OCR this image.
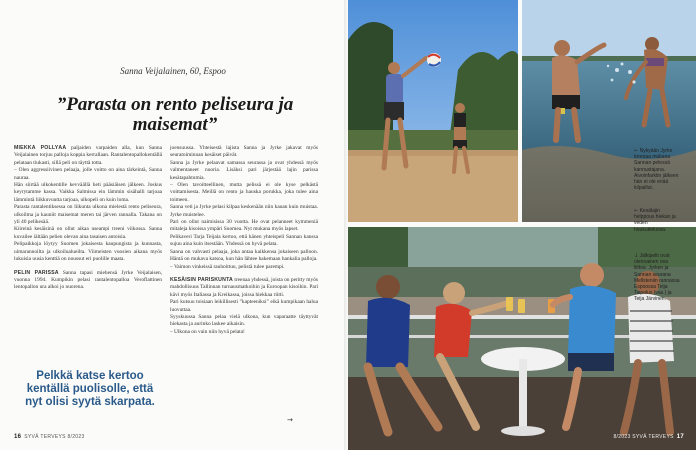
Sanna Veijalainen, 60, Espoo
”Parasta on rento peliseura ja maisemat”

MIEKKA PÖLLYÄÄ paljaiden varpaiden alla, kun Sanna Veijalainen torjuu palloja koppia kerrallaan. Rantalentopallokentällä pelataan tiukasti, sillä peli on täyttä totta.

– Olen aggressiivinen pelaaja, jolle voitto on aina tärkeintä, Sanna nauraa.

Hän siirtää ulkokentille kevväällä heti pääsiäisen jälkeen. Joskus keyrytamme kassa. Vaikka Salmissa ein lämmin sisähalli tarjoaa lämmintä liikkuvuutta tarjoaa, ulkopeli on kuin loma.

Parasta rantalentiksessa on liikunta ulkona mielestä rento peliseura, ulkoilma ja kauniit maisemat meren tai järven rannalla. Takana on yli 40 pelikesää.

Kiireinä kesäisinä on ollut aikaa useampi treeni viikossa. Sanna kuvailee iältään pelien olevan aina tasaisen antoisia.

Pelipaikkoja löytyy Suomen jokaisesta kaupungista ja kunnasta, uimarannoilta ja ulkoilualueilta. Viimeisten vuosien aikana myös lukuisia uusia kenttiä on noussut eri puolille maata.

PELIN PARISSA Sanna tapasi miehensä Jyrke Veijalaisen, vuonna 1994. Kumpikin pelasi rantalentopalloa Veroflattinen lentopallon ura alkoi jo nuorena.

Pelkkä katse kertoo kentällä puolisolle, että nyt olisi syytä skarpata.

joensuussa. Yhteisestä lajista Sanna ja Jyrke jakavat myös seuratoiminnan kesäiset päivät.

Sanna ja Jyrke pelaavat samassa seurassa ja ovat yhdessä myös valmentaneet nuoria. Lisäksi pari järjestää lajin parissa kesätapahtumia.

– Olen tavoitteellinen, mutta pelissä ei ole kyse pelkästä voittamisesta. Meillä on rento ja hauska porukka, joka tulee aina toimeen.

Sanna veti ja Jyrke pelasi kilpaa keskenään niin kauan kuin muistaa. Jyrke muistelee.

Pari on ollut naimisissa 30 vuotta. He ovat pelanneet kymmeniä mitaleja kisoissa ympäri Suomea. Nyt mukana myös lapset.

Pelikaveri Tarja Teijala kertoo, että hänen yhteispeli Sannan kanssa sujuu aina kuin itsestään. Yhdessä on hyvä pelata.

Sanna on vahvasti pelaaja, joka antaa kaikkensa jokaiseen palloon. Häntä on mukava katsoa, kun hän lähtee hakemaan hankalia palloja.

– Vaimon vinkeissä rauhoittuu, pelistä tulee parempi.

KESÄISIN PARISKUNTA treenaa yhdessä, joista on peritty myös mahdollisuus Tallinnan turnausmatkoihin ja Euroopan kisoihin. Pari kävi myös Italiassa ja Kreikassa, joissa hiekkaa riitti.

Pari kutsuu toisiaan leikillisesti ”kapteeniksi” eikä kumpikaan halua luovuttaa.

Syyskuussa Sanna pelaa vielä ulkona, kun vaparaatte täyttyvät hiekasta ja aurinko laskee aikaisin.

– Ulkona on vain niin hyvä pelata!

→
16 SYVÄ TERVEYS 8/2023
← Nykyään Jyrke treenaa mukana Sannan pelessä kannustajana. Aivoinfarktin jälkeen hän ei ole enää kilpaillut.
← Kesälajin helppous hiekan ja veden houkuttelussa.
↓ Jälkipelit ovat olennainen osa liittoa. Jyrken ja Sannan seurana Mellsteniin rannassa Espoossa Teija Taipalus (vas.) ja Teija Järvinen.
8/2023 SYVÄ TERVEYS 17
